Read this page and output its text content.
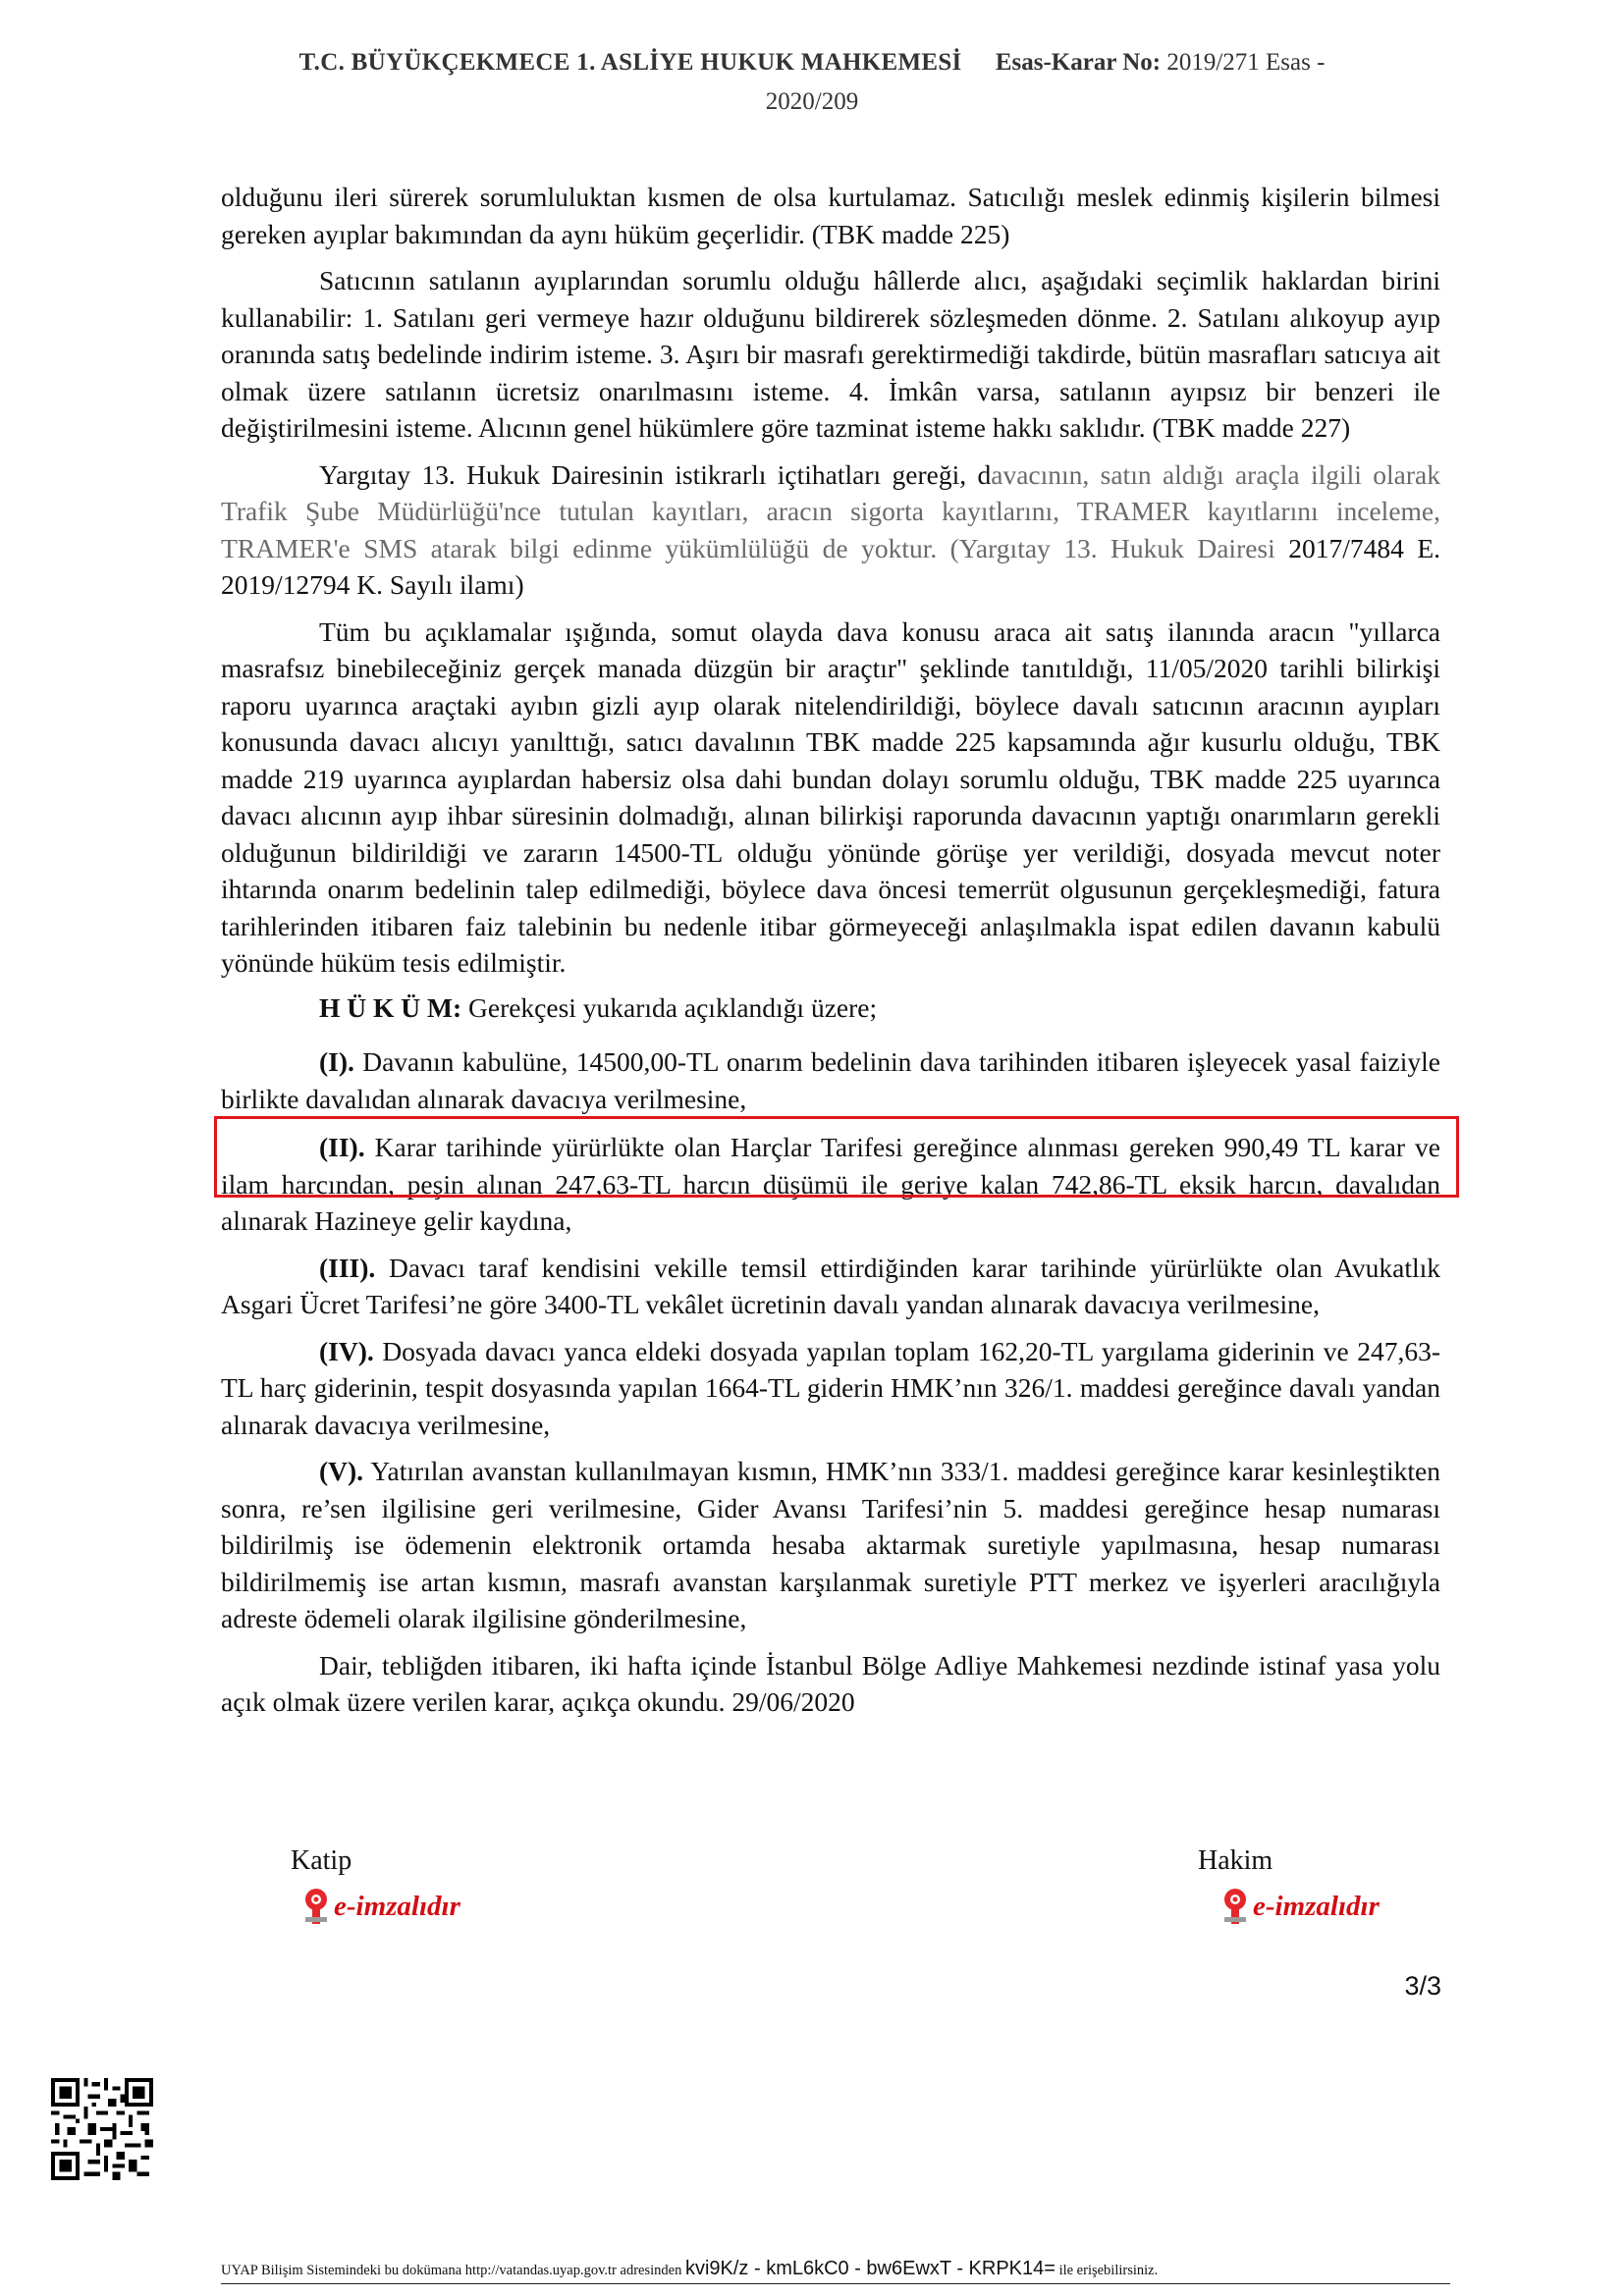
T.C. BÜYÜKÇEKMECE 1. ASLİYE HUKUK MAHKEMESİ Esas-Karar No: 2019/271 Esas -
2020/209

olduğunu ileri sürerek sorumluluktan kısmen de olsa kurtulamaz. Satıcılığı meslek edinmiş kişilerin bilmesi gereken ayıplar bakımından da aynı hüküm geçerlidir. (TBK madde 225)

Satıcının satılanın ayıplarından sorumlu olduğu hâllerde alıcı, aşağıdaki seçimlik haklardan birini kullanabilir: 1. Satılanı geri vermeye hazır olduğunu bildirerek sözleşmeden dönme. 2. Satılanı alıkoyup ayıp oranında satış bedelinde indirim isteme. 3. Aşırı bir masrafı gerektirmediği takdirde, bütün masrafları satıcıya ait olmak üzere satılanın ücretsiz onarılmasını isteme. 4. İmkân varsa, satılanın ayıpsız bir benzeri ile değiştirilmesini isteme. Alıcının genel hükümlere göre tazminat isteme hakkı saklıdır. (TBK madde 227)

Yargıtay 13. Hukuk Dairesinin istikrarlı içtihatları gereği, davacının, satın aldığı araçla ilgili olarak Trafik Şube Müdürlüğü'nce tutulan kayıtları, aracın sigorta kayıtlarını, TRAMER kayıtlarını inceleme, TRAMER'e SMS atarak bilgi edinme yükümlülüğü de yoktur. (Yargıtay 13. Hukuk Dairesi 2017/7484 E. 2019/12794 K. Sayılı ilamı)

Tüm bu açıklamalar ışığında, somut olayda dava konusu araca ait satış ilanında aracın "yıllarca masrafsız binebileceğiniz gerçek manada düzgün bir araçtır" şeklinde tanıtıldığı, 11/05/2020 tarihli bilirkişi raporu uyarınca araçtaki ayıbın gizli ayıp olarak nitelendirildiği, böylece davalı satıcının aracının ayıpları konusunda davacı alıcıyı yanılttığı, satıcı davalının TBK madde 225 kapsamında ağır kusurlu olduğu, TBK madde 219 uyarınca ayıplardan habersiz olsa dahi bundan dolayı sorumlu olduğu, TBK madde 225 uyarınca davacı alıcının ayıp ihbar süresinin dolmadığı, alınan bilirkişi raporunda davacının yaptığı onarımların gerekli olduğunun bildirildiği ve zararın 14500-TL olduğu yönünde görüşe yer verildiği, dosyada mevcut noter ihtarında onarım bedelinin talep edilmediği, böylece dava öncesi temerrüt olgusunun gerçekleşmediği, fatura tarihlerinden itibaren faiz talebinin bu nedenle itibar görmeyeceği anlaşılmakla ispat edilen davanın kabulü yönünde hüküm tesis edilmiştir.

H Ü K Ü M: Gerekçesi yukarıda açıklandığı üzere;

(I). Davanın kabulüne, 14500,00-TL onarım bedelinin dava tarihinden itibaren işleyecek yasal faiziyle birlikte davalıdan alınarak davacıya verilmesine,

(II). Karar tarihinde yürürlükte olan Harçlar Tarifesi gereğince alınması gereken 990,49 TL karar ve ilam harcından, peşin alınan 247,63-TL harcın düşümü ile geriye kalan 742,86-TL eksik harcın, davalıdan alınarak Hazineye gelir kaydına,

(III). Davacı taraf kendisini vekille temsil ettirdiğinden karar tarihinde yürürlükte olan Avukatlık Asgari Ücret Tarifesi’ne göre 3400-TL vekâlet ücretinin davalı yandan alınarak davacıya verilmesine,

(IV). Dosyada davacı yanca eldeki dosyada yapılan toplam 162,20-TL yargılama giderinin ve 247,63-TL harç giderinin, tespit dosyasında yapılan 1664-TL giderin HMK’nın 326/1. maddesi gereğince davalı yandan alınarak davacıya verilmesine,

(V). Yatırılan avanstan kullanılmayan kısmın, HMK’nın 333/1. maddesi gereğince karar kesinleştikten sonra, re’sen ilgilisine geri verilmesine, Gider Avansı Tarifesi’nin 5. maddesi gereğince hesap numarası bildirilmiş ise ödemenin elektronik ortamda hesaba aktarmak suretiyle yapılmasına, hesap numarası bildirilmemiş ise artan kısmın, masrafı avanstan karşılanmak suretiyle PTT merkez ve işyerleri aracılığıyla adreste ödemeli olarak ilgilisine gönderilmesine,

Dair, tebliğden itibaren, iki hafta içinde İstanbul Bölge Adliye Mahkemesi nezdinde istinaf yasa yolu açık olmak üzere verilen karar, açıkça okundu. 29/06/2020

Katip
e-imzalıdır
Hakim
e-imzalıdır
3/3
UYAP Bilişim Sistemindeki bu dokümana http://vatandas.uyap.gov.tr adresinden kvi9K/z - kmL6kC0 - bw6EwxT - KRPK14= ile erişebilirsiniz.
